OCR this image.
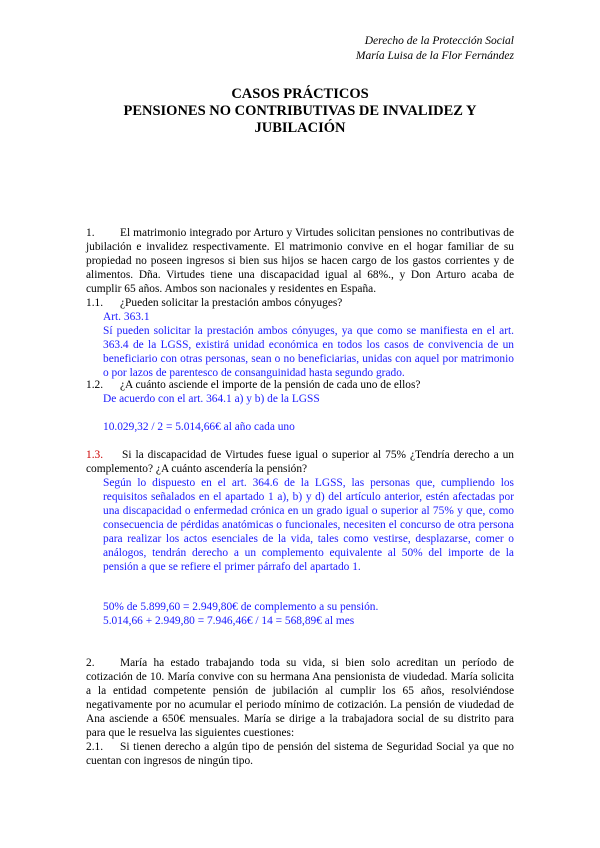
Derecho de la Protección Social
María Luisa de la Flor Fernández
CASOS PRÁCTICOS
PENSIONES NO CONTRIBUTIVAS DE INVALIDEZ Y
JUBILACIÓN

1. El matrimonio integrado por Arturo y Virtudes solicitan pensiones no contributivas de jubilación e invalidez respectivamente. El matrimonio convive en el hogar familiar de su propiedad no poseen ingresos si bien sus hijos se hacen cargo de los gastos corrientes y de alimentos. Dña. Virtudes tiene una discapacidad igual al 68%., y Don Arturo acaba de cumplir 65 años. Ambos son nacionales y residentes en España.

1.1. ¿Pueden solicitar la prestación ambos cónyuges?

Art. 363.1

Sí pueden solicitar la prestación ambos cónyuges, ya que como se manifiesta en el art. 363.4 de la LGSS, existirá unidad económica en todos los casos de convivencia de un beneficiario con otras personas, sean o no beneficiarias, unidas con aquel por matrimonio o por lazos de parentesco de consanguinidad hasta segundo grado.

1.2. ¿A cuánto asciende el importe de la pensión de cada uno de ellos?
De acuerdo con el art. 364.1 a) y b) de la LGSS
10.029,32 / 2 = 5.014,66€ al año cada uno
1.3. Si la discapacidad de Virtudes fuese igual o superior al 75% ¿Tendría derecho a un complemento? ¿A cuánto ascendería la pensión?
Según lo dispuesto en el art. 364.6 de la LGSS, las personas que, cumpliendo los requisitos señalados en el apartado 1 a), b) y d) del artículo anterior, estén afectadas por una discapacidad o enfermedad crónica en un grado igual o superior al 75% y que, como consecuencia de pérdidas anatómicas o funcionales, necesiten el concurso de otra persona para realizar los actos esenciales de la vida, tales como vestirse, desplazarse, comer o análogos, tendrán derecho a un complemento equivalente al 50% del importe de la pensión a que se refiere el primer párrafo del apartado 1.
50% de 5.899,60 = 2.949,80€ de complemento a su pensión.
5.014,66 + 2.949,80 = 7.946,46€ / 14 = 568,89€ al mes

2. María ha estado trabajando toda su vida, si bien solo acreditan un período de cotización de 10. María convive con su hermana Ana pensionista de viudedad. María solicita a la entidad competente pensión de jubilación al cumplir los 65 años, resolviéndose negativamente por no acumular el periodo mínimo de cotización. La pensión de viudedad de Ana asciende a 650€ mensuales. María se dirige a la trabajadora social de su distrito para para que le resuelva las siguientes cuestiones:

2.1. Si tienen derecho a algún tipo de pensión del sistema de Seguridad Social ya que no cuentan con ingresos de ningún tipo.
